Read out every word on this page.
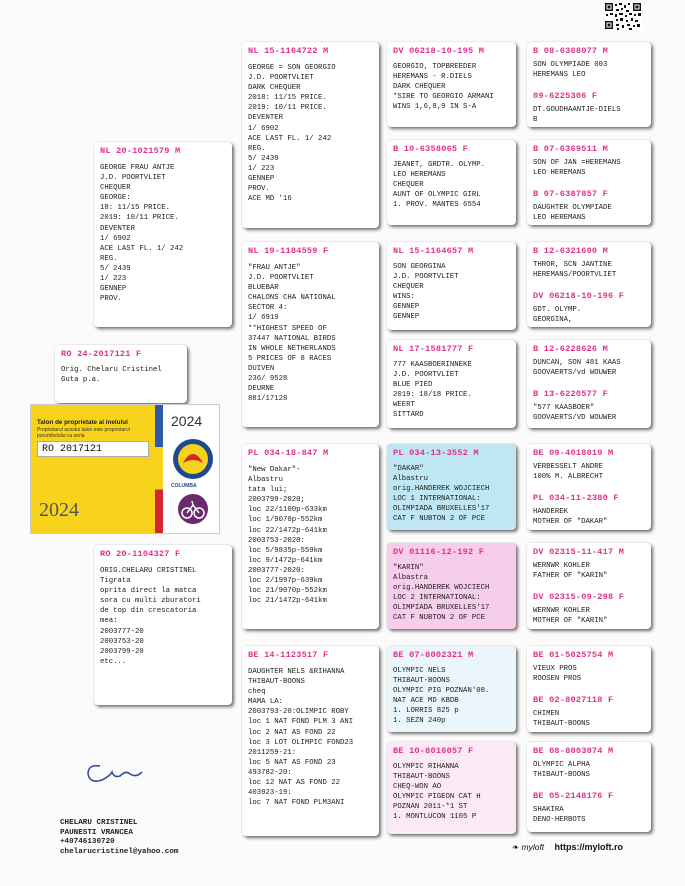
RO 24-2017121 F
Orig. Chelaru Cristinel
Guta p.a.
Talon de proprietate al inelului
Proprietarul acestui talon este proprietarul porumbelului cu seria
RO 2017121
2024
2024
COLUMBA
NL 20-1021579 M
GEORGE FRAU ANTJE
J.D. POORTVLIET
CHEQUER
GEORGE:
18: 11/15 PRICE.
2019: 10/11 PRICE.
DEVENTER
1/ 6902
ACE LAST FL. 1/ 242
REG.
5/ 2439
1/ 223
GENNEP
PROV.
RO 20-1104327 F
ORIG.CHELARU CRISTINEL
Tigrata
oprita direct la matca
sora cu multi zburatori
de top din crescatoria
mea:
2003777-20
2003753-20
2003799-20
etc...
NL 15-1164722 M
GEORGE = SON GEORGIO
J.D. POORTVLIET
DARK CHEQUER
2018: 11/15 PRICE.
2019: 10/11 PRICE.
DEVENTER
1/ 6902
ACE LAST FL. 1/ 242
REG.
5/ 2439
1/ 223
GENNEP
PROV.
ACE MD '16
NL 19-1184559 F
"FRAU ANTJE"
J.D. POORTVLIET
BLUEBAR
CHALONS CHA NATIONAL
SECTOR 4:
1/ 6919
**HIGHEST SPEED OF
37447 NATIONAL BIRDS
IN WHOLE NETHERLANDS
5 PRICES OF 8 RACES
DUIVEN
236/ 9528
DEURNE
881/17128
PL 034-18-847 M
"New Dakar"-
Albastru
tata lui;
2003799-2020;
loc 22/1100p-633km
loc 1/9070p-552km
loc 22/1472p-641km
2003753-2020:
loc 5/9835p-559km
loc 9/1472p-641km
2003777-2020:
loc 2/1997p-639km
loc 21/9070p-552km
loc 21/1472p-641km
BE 14-1123517 F
DAUGHTER NELS &RIHANNA
THIBAUT-BOONS
cheq
MAMA LA:
2003793-20:OLIMPIC ROBY
loc 1 NAT FOND PLM 3 ANI
loc 2 NAT AS FOND 22
loc 3 LOT OLIMPIC FOND23
2011259-21:
loc 5 NAT AS FOND 23
493782-20:
loc 12 NAT AS FOND 22
403923-19:
loc 7 NAT FOND PLM3ANI
DV 06218-10-195 M
GEORGIO, TOPBREEDER
HEREMANS - R.DIELS
DARK CHEQUER
*SIRE TO GEORGIO ARMANI
WINS 1,6,8,9 IN S-A
B 10-6358065 F
JEANET, GRDTR. OLYMP.
LEO HEREMANS
CHEQUER
AUNT OF OLYMPIC GIRL
1. PROV. MANTES 6554
NL 15-1164657 M
SON GEORGINA
J.D. POORTVLIET
CHEQUER
WINS:
GENNEP
GENNEP
NL 17-1581777 F
777 KAASBOERINNEKE
J.D. POORTVLIET
BLUE PIED
2019: 18/18 PRICE.
WEERT
SITTARD
PL 034-13-3552 M
"DAKAR"
Albastru
orig.HANDEREK WOJCIECH
LOC 1 INTERNATIONAL:
OLIMPIADA BRUXELLES'17
CAT F NUBTON 2 OF PCE
DV 01116-12-192 F
"KARIN"
Albastra
orig.HANDEREK WOJCIECH
LOC 2 INTERNATIONAL:
OLIMPIADA BRUXELLES'17
CAT F NUBTON 2 OF PCE
BE 07-8002321 M
OLYMPIC NELS
THIBAUT-BOONS
OLYMPIC PIG POZNAN'08.
NAT ACE MD KBDB
1. LORRIS 825 p
1. SEZN 240p
BE 10-8016057 F
OLYMPIC RIHANNA
THIBAUT-BOONS
CHEQ-WON AO
OLYMPIC PIGEON CAT H
POZNAN 2011-*1 ST
1. MONTLUCON 1105 P
B 08-6368077 M
SON OLYMPIADE 003
HEREMANS LEO
09-6225306 F
DT.GOUDHAANTJE-DIELS
B
B 07-6369511 M
SON OF JAN =HEREMANS
LEO HEREMANS
B 07-6387857 F
DAUGHTER OLYMPIADE
LEO HEREMANS
B 12-6321600 M
THROR, SCN JANTINE
HEREMANS/POORTVLIET
DV 06218-10-196 F
GDT. OLYMP.
GEORGINA,
B 12-6228626 M
DUNCAN, SON 481 KAAS
GOOVAERTS/vd WOUWER
B 13-6220577 F
"577 KAASBOER"
GOOVAERTS/VD WOUWER
BE 09-4018019 M
VERBESSELT ANDRE
100% M. ALBRECHT
PL 034-11-2380 F
HANDEREK
MOTHER OF "DAKAR"
DV 02315-11-417 M
WERNWR KOHLER
FATHER OF "KARIN"
DV 02315-09-298 F
WERNWR KOHLER
MOTHER OF "KARIN"
BE 01-5025754 M
VIEUX PROS
ROOSEN PROS
BE 02-8027118 F
CHIMEN
THIBAUT-BOONS
BE 08-8003074 M
OLYMPIC ALPHA
THIBAUT-BOONS
BE 05-2148176 F
SHAKIRA
DENO-HERBOTS
CHELARU CRISTINEL
PAUNESTI VRANCEA
+40746130720
chelarucristinel@yahoo.com	❧ myloft https://myloft.ro
